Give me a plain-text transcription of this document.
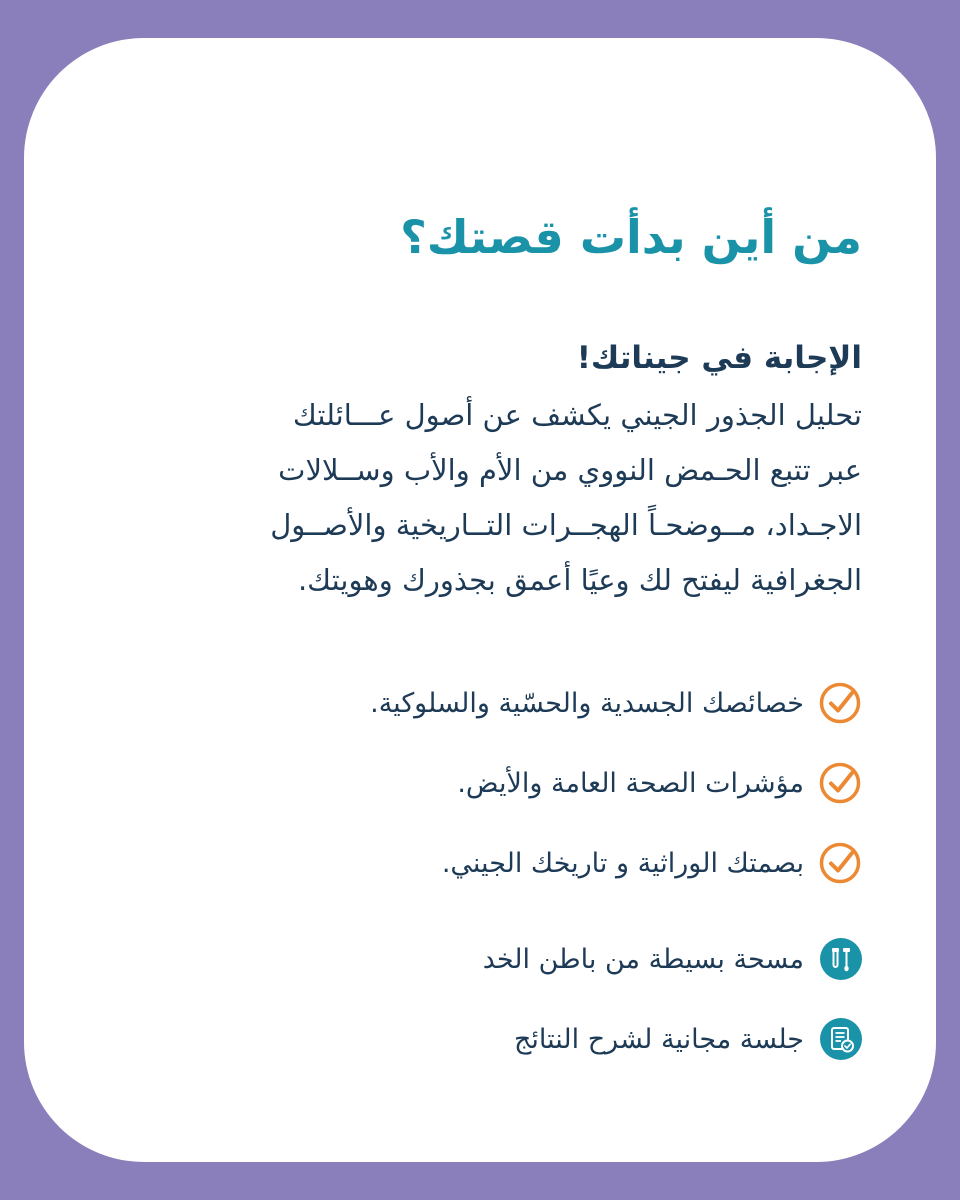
من أين بدأت قصتك؟
الإجابة في جيناتك!

تحليل الجذور الجيني يكشف عن أصول عـــائلتك
عبر تتبع الحـمض النووي من الأم والأب وســلالات
الاجـداد، مــوضحـاً الهجــرات التــاريخية والأصــول
الجغرافية ليفتح لك وعيًا أعمق بجذورك وهويتك.

خصائصك الجسدية والحسّية والسلوكية.
مؤشرات الصحة العامة والأيض.
بصمتك الوراثية و تاريخك الجيني.
مسحة بسيطة من باطن الخد
جلسة مجانية لشرح النتائج
